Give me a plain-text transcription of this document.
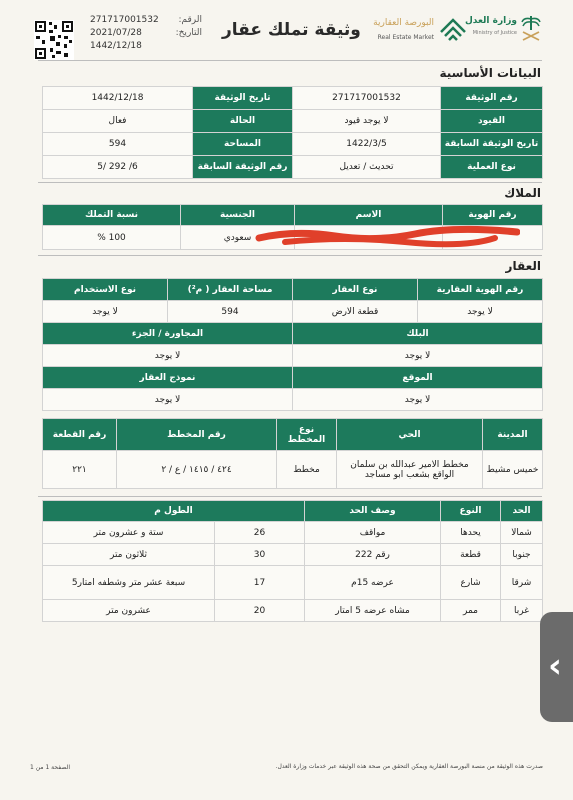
وزارة العدل
Ministry of Justice
البورصة العقارية
Real Estate Market
وثيقة تملك عقار
الرقم:
271717001532
التاريخ:
2021/07/28
1442/12/18
البيانات الأساسية
رقم الوثيقة	271717001532	تاريخ الوثيقة	1442/12/18
القيود	لا يوجد قيود	الحالة	فعال
تاريخ الوثيقة السابقة	1422/3/5	المساحة	594
نوع العملية	تحديث / تعديل	رقم الوثيقة السابقة	6/ 292 /5
الملاك
رقم الهوية	الاسم	الجنسية	نسبة التملك
		سعودي	100 %
العقار
رقم الهوية العقارية	نوع العقار	مساحة العقار ( م²)	نوع الاستخدام
لا يوجد	قطعة الارض	594	لا يوجد
البلك		المجاورة / الجزء	
لا يوجد		لا يوجد	
الموقع		نموذج العقار	
لا يوجد		لا يوجد	
المدينة	الحي	نوع المخطط	رقم المخطط	رقم القطعة
خميس مشيط	مخطط الامير عبدالله بن سلمان الواقع بشعب ابو مساجد	مخطط	٤٢٤ / ١٤١٥ / ع / ٢	٢٢١
الحد	النوع	وصف الحد	الطول م	
شمالا	يحدها	مواقف	26	ستة و عشرون متر
جنوبا	قطعة	رقم 222	30	ثلاثون متر
شرقا	شارع	عرضه 15م	17	سبعة عشر متر وشطفه امتار5
غربا	ممر	مشاه عرضه 5 امتار	20	عشرون متر
صدرت هذه الوثيقة من منصة البورصة العقارية ويمكن التحقق من صحة هذه الوثيقة عبر خدمات وزارة العدل.
الصفحة 1 من 1
‹
